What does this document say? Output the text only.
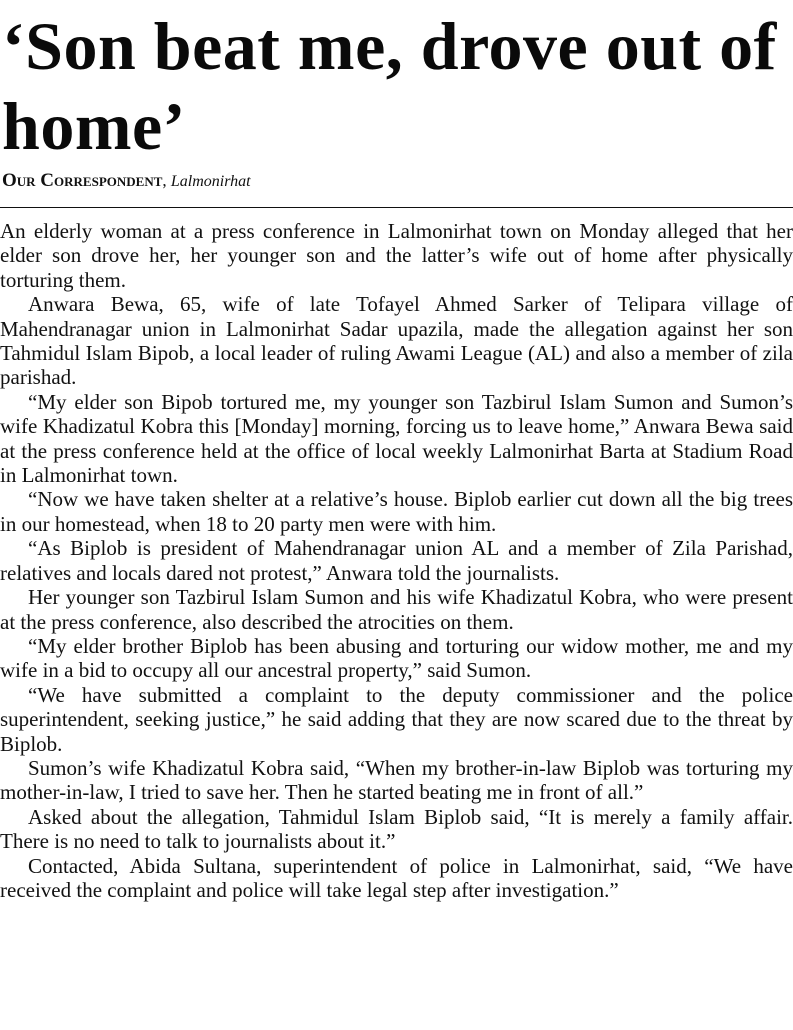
‘Son beat me, drove out of home’

Our Correspondent, Lalmonirhat

An elderly woman at a press conference in Lalmonirhat town on Monday alleged that her elder son drove her, her younger son and the latter’s wife out of home after physically torturing them.

Anwara Bewa, 65, wife of late Tofayel Ahmed Sarker of Telipara village of Mahendranagar union in Lalmonirhat Sadar upazila, made the allegation against her son Tahmidul Islam Bipob, a local leader of ruling Awami League (AL) and also a member of zila parishad.

“My elder son Bipob tortured me, my younger son Tazbirul Islam Sumon and Sumon’s wife Khadizatul Kobra this [Monday] morning, forcing us to leave home,” Anwara Bewa said at the press conference held at the office of local weekly Lalmonirhat Barta at Stadium Road in Lalmonirhat town.

“Now we have taken shelter at a relative’s house. Biplob earlier cut down all the big trees in our homestead, when 18 to 20 party men were with him.

“As Biplob is president of Mahendranagar union AL and a member of Zila Parishad, relatives and locals dared not protest,” Anwara told the journalists.

Her younger son Tazbirul Islam Sumon and his wife Khadizatul Kobra, who were present at the press conference, also described the atrocities on them.

“My elder brother Biplob has been abusing and torturing our widow mother, me and my wife in a bid to occupy all our ancestral property,” said Sumon.

“We have submitted a complaint to the deputy commissioner and the police superintendent, seeking justice,” he said adding that they are now scared due to the threat by Biplob.

Sumon’s wife Khadizatul Kobra said, “When my brother-in-law Biplob was torturing my mother-in-law, I tried to save her. Then he started beating me in front of all.”

Asked about the allegation, Tahmidul Islam Biplob said, “It is merely a family affair. There is no need to talk to journalists about it.”

Contacted, Abida Sultana, superintendent of police in Lalmonirhat, said, “We have received the complaint and police will take legal step after investigation.”
